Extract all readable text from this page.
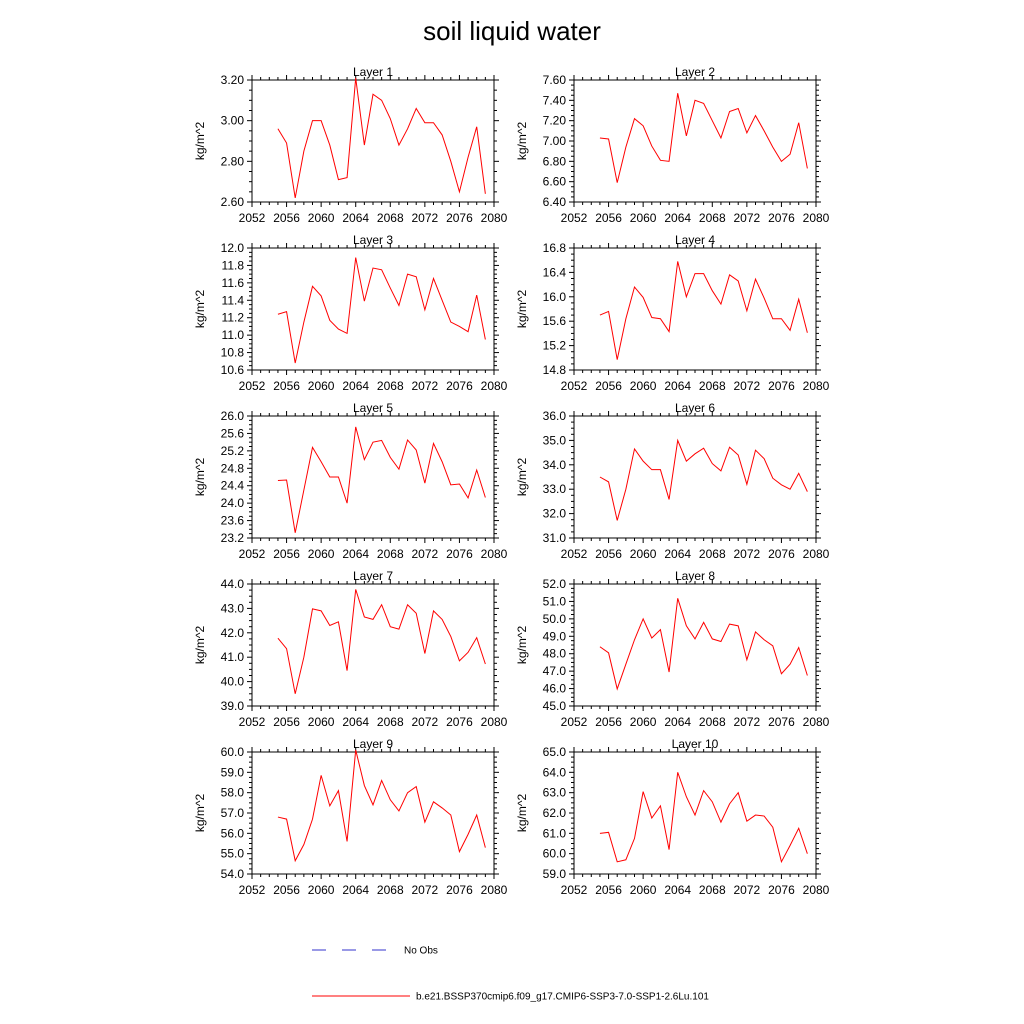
soil liquid water
Layer 1
kg/m^2
2052 2056 2060 2064 2068 2072 2076 2080
2.60
2.80
3.00
3.20
Layer 2
kg/m^2
2052 2056 2060 2064 2068 2072 2076 2080
6.40
6.60
6.80
7.00
7.20
7.40
7.60
Layer 3
kg/m^2
2052 2056 2060 2064 2068 2072 2076 2080
10.6
10.8
11.0
11.2
11.4
11.6
11.8
12.0
Layer 4
kg/m^2
2052 2056 2060 2064 2068 2072 2076 2080
14.8
15.2
15.6
16.0
16.4
16.8
Layer 5
kg/m^2
2052 2056 2060 2064 2068 2072 2076 2080
23.2
23.6
24.0
24.4
24.8
25.2
25.6
26.0
Layer 6
kg/m^2
2052 2056 2060 2064 2068 2072 2076 2080
31.0
32.0
33.0
34.0
35.0
36.0
Layer 7
kg/m^2
2052 2056 2060 2064 2068 2072 2076 2080
39.0
40.0
41.0
42.0
43.0
44.0
Layer 8
kg/m^2
2052 2056 2060 2064 2068 2072 2076 2080
45.0
46.0
47.0
48.0
49.0
50.0
51.0
52.0
Layer 9
kg/m^2
2052 2056 2060 2064 2068 2072 2076 2080
54.0
55.0
56.0
57.0
58.0
59.0
60.0
Layer 10
kg/m^2
2052 2056 2060 2064 2068 2072 2076 2080
59.0
60.0
61.0
62.0
63.0
64.0
65.0
No Obs
b.e21.BSSP370cmip6.f09_g17.CMIP6-SSP3-7.0-SSP1-2.6Lu.101
